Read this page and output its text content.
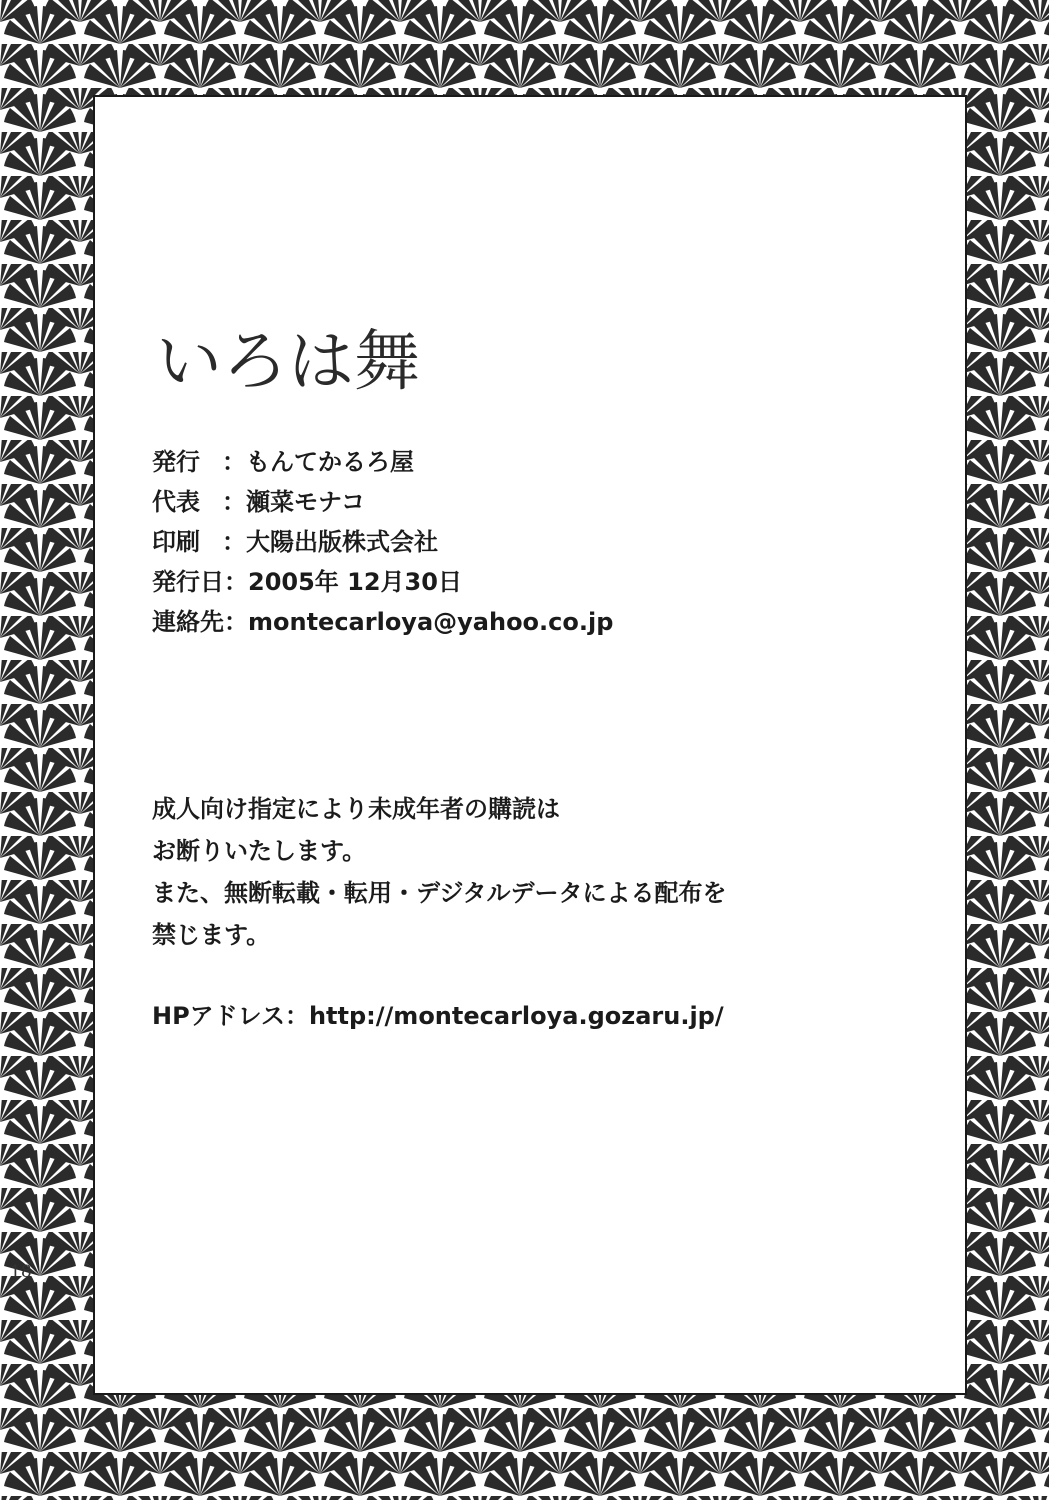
いろは舞
発行 ： もんてかるろ屋
代表 ： 瀬菜モナコ
印刷 ： 大陽出版株式会社
発行日 ： 2005年 12月30日
連絡先 ： montecarloya@yahoo.co.jp
成人向け指定により未成年者の購読は
お断りいたします。
また、無断転載・転用・デジタルデータによる配布を
禁じます。
HPアドレス：http://montecarloya.gozaru.jp/
18
